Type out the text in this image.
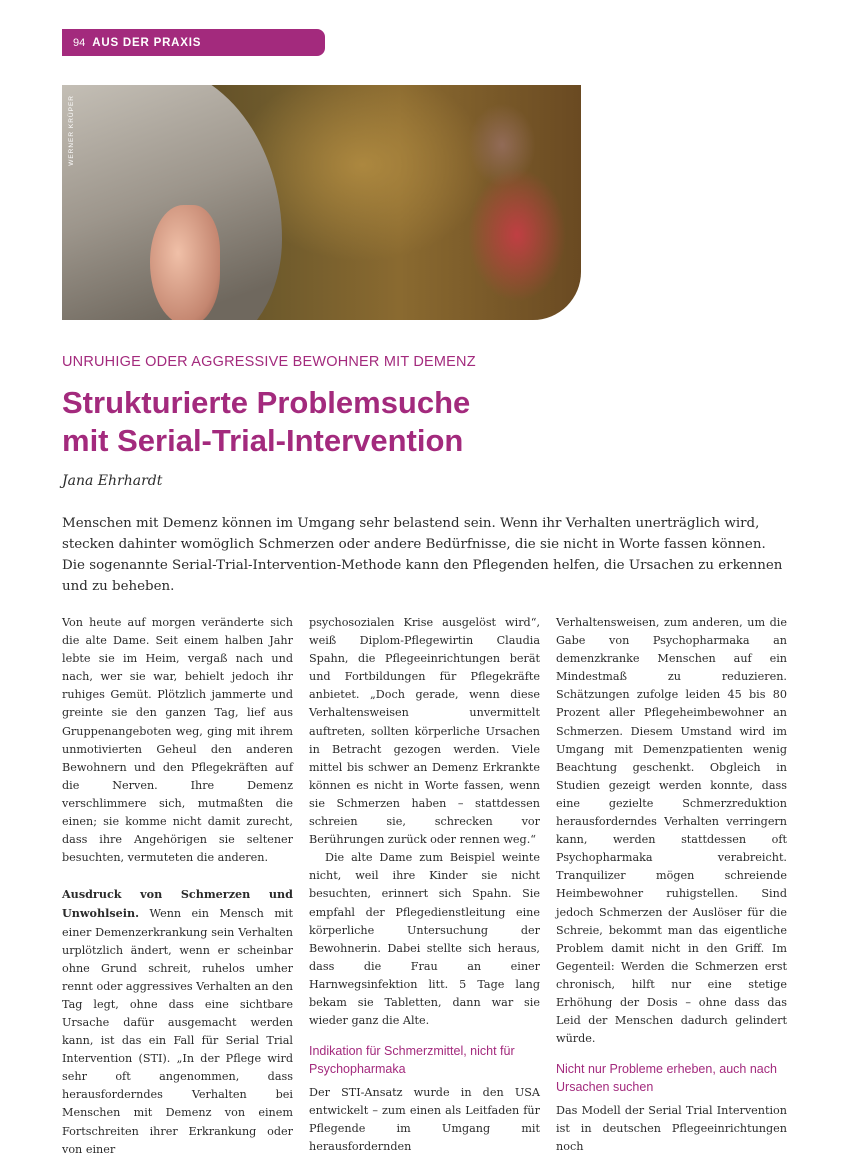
94 AUS DER PRAXIS
WERNER KRÜPER
UNRUHIGE ODER AGGRESSIVE BEWOHNER MIT DEMENZ
Strukturierte Problemsuche
mit Serial-Trial-Intervention
Jana Ehrhardt
Menschen mit Demenz können im Umgang sehr belastend sein. Wenn ihr Verhalten unerträglich wird, stecken dahinter womöglich Schmerzen oder andere Bedürfnisse, die sie nicht in Worte fassen können. Die sogenannte Serial-Trial-Intervention-Methode kann den Pflegenden helfen, die Ursachen zu erkennen und zu beheben.

Von heute auf morgen veränderte sich die alte Dame. Seit einem halben Jahr lebte sie im Heim, vergaß nach und nach, wer sie war, behielt jedoch ihr ruhiges Gemüt. Plötzlich jammerte und greinte sie den ganzen Tag, lief aus Gruppenangeboten weg, ging mit ihrem unmotivierten Geheul den anderen Bewohnern und den Pflegekräften auf die Nerven. Ihre Demenz verschlimmere sich, mutmaßten die einen; sie komme nicht damit zurecht, dass ihre Angehörigen sie seltener besuchten, vermuteten die anderen.

Ausdruck von Schmerzen und Unwohlsein. Wenn ein Mensch mit einer Demenzerkrankung sein Verhalten urplötzlich ändert, wenn er scheinbar ohne Grund schreit, ruhelos umher rennt oder aggressives Verhalten an den Tag legt, ohne dass eine sichtbare Ursache dafür ausgemacht werden kann, ist das ein Fall für Serial Trial Intervention (STI). „In der Pflege wird sehr oft angenommen, dass herausforderndes Verhalten bei Menschen mit Demenz von einem Fortschreiten ihrer Erkrankung oder von einer

psychosozialen Krise ausgelöst wird“, weiß Diplom-Pflegewirtin Claudia Spahn, die Pflegeeinrichtungen berät und Fortbildungen für Pflegekräfte anbietet. „Doch gerade, wenn diese Verhaltensweisen unvermittelt auftreten, sollten körperliche Ursachen in Betracht gezogen werden. Viele mittel bis schwer an Demenz Erkrankte können es nicht in Worte fassen, wenn sie Schmerzen haben – stattdessen schreien sie, schrecken vor Berührungen zurück oder rennen weg.“

Die alte Dame zum Beispiel weinte nicht, weil ihre Kinder sie nicht besuchten, erinnert sich Spahn. Sie empfahl der Pflegedienstleitung eine körperliche Untersuchung der Bewohnerin. Dabei stellte sich heraus, dass die Frau an einer Harnwegsinfektion litt. 5 Tage lang bekam sie Tabletten, dann war sie wieder ganz die Alte.

Indikation für Schmerzmittel, nicht für Psychopharmaka

Der STI-Ansatz wurde in den USA entwickelt – zum einen als Leitfaden für Pflegende im Umgang mit herausfordernden

Verhaltensweisen, zum anderen, um die Gabe von Psychopharmaka an demenzkranke Menschen auf ein Mindestmaß zu reduzieren. Schätzungen zufolge leiden 45 bis 80 Prozent aller Pflegeheimbewohner an Schmerzen. Diesem Umstand wird im Umgang mit Demenzpatienten wenig Beachtung geschenkt. Obgleich in Studien gezeigt werden konnte, dass eine gezielte Schmerzreduktion herausforderndes Verhalten verringern kann, werden stattdessen oft Psychopharmaka verabreicht. Tranquilizer mögen schreiende Heimbewohner ruhigstellen. Sind jedoch Schmerzen der Auslöser für die Schreie, bekommt man das eigentliche Problem damit nicht in den Griff. Im Gegenteil: Werden die Schmerzen erst chronisch, hilft nur eine stetige Erhöhung der Dosis – ohne dass das Leid der Menschen dadurch gelindert würde.

Nicht nur Probleme erheben, auch nach Ursachen suchen

Das Modell der Serial Trial Intervention ist in deutschen Pflegeeinrichtungen noch
